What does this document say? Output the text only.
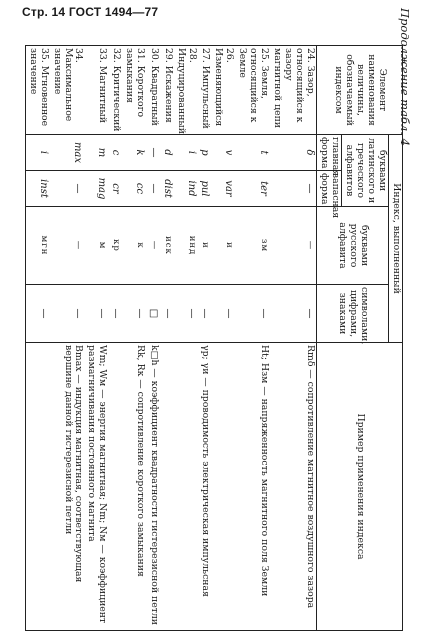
Стр. 14 ГОСТ 1494—77	Продолжение табл. 4
Элемент наименования величины, обозначаемый индексом	Индекс, выполненный				Пример применения индекса
	буквами латинского и греческого алфавитов		буквами русского алфавита	символами, цифрами, знаками	
	главная форма	запасная форма			
24. Зазор, относящийся к зазору магнитной цепи	δ	—	—	—	Rmδ — сопротивление магнитное воздушного зазора
25. Земля, относящийся к Земле	t	ter	зм	—	Ht; Hзм — напряженность магнитного поля Земли
26. Изменяющийся	v	var	и	—	
27. Импульсный	p	pul	и	—	γp; γи — проводимость электрическая импульсная
28. Индуцированный	i	ind	инд	—	
29. Искажения	d	dist	иск	—	
30. Квадратный	—	—	—	□	k□h — коэффициент квадратности гистерезисной петли
31. Короткого замыкания	k	cc	к	—	Rk, Rк — сопротивление короткого замыкания
32. Критический	c	cr	кр	—	
33. Магнитный	m	mag	м	—	Wm; Wм — энергия магнитная; Nm; Nм — коэффициент размагничивания постоянного магнита
34. Максимальное значение	max	—	—	—	Bmax — индукция магнитная, соответствующая вершине данной гистерезисной петли
35. Мгновенное значение	i	inst	мгн	—	
